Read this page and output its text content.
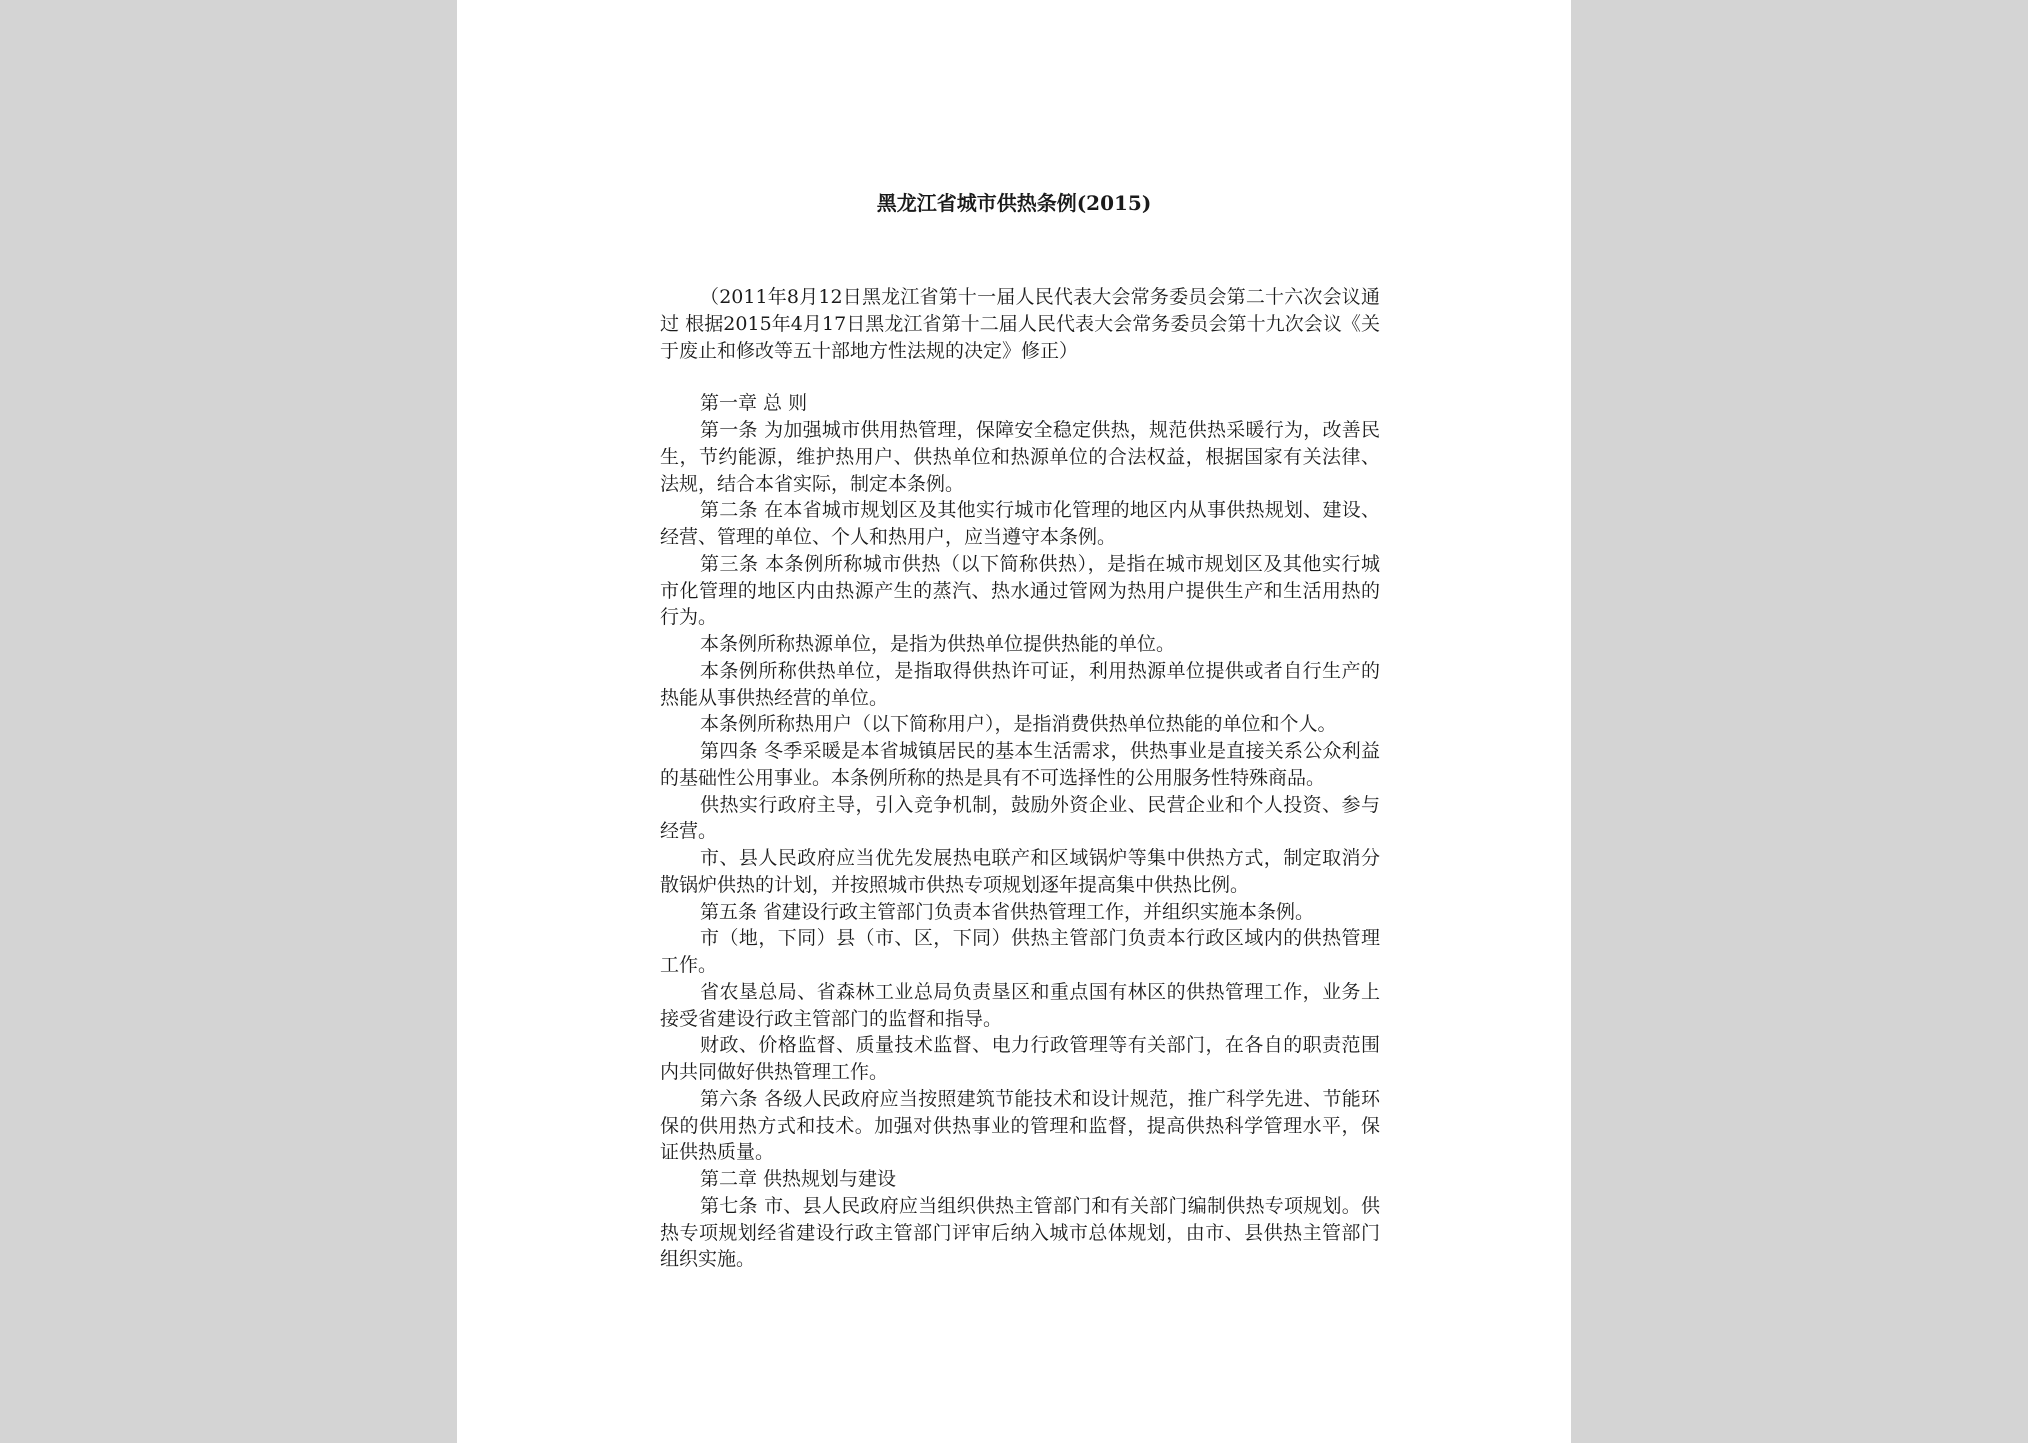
黑龙江省城市供热条例(2015)

（2011年8月12日黑龙江省第十一届人民代表大会常务委员会第二十六次会议通过 根据2015年4月17日黑龙江省第十二届人民代表大会常务委员会第十九次会议《关于废止和修改等五十部地方性法规的决定》修正）

第一章 总 则

第一条 为加强城市供用热管理，保障安全稳定供热，规范供热采暖行为，改善民生，节约能源，维护热用户、供热单位和热源单位的合法权益，根据国家有关法律、法规，结合本省实际，制定本条例。

第二条 在本省城市规划区及其他实行城市化管理的地区内从事供热规划、建设、经营、管理的单位、个人和热用户，应当遵守本条例。

第三条 本条例所称城市供热（以下简称供热），是指在城市规划区及其他实行城市化管理的地区内由热源产生的蒸汽、热水通过管网为热用户提供生产和生活用热的行为。

本条例所称热源单位，是指为供热单位提供热能的单位。

本条例所称供热单位，是指取得供热许可证，利用热源单位提供或者自行生产的热能从事供热经营的单位。

本条例所称热用户（以下简称用户），是指消费供热单位热能的单位和个人。

第四条 冬季采暖是本省城镇居民的基本生活需求，供热事业是直接关系公众利益的基础性公用事业。本条例所称的热是具有不可选择性的公用服务性特殊商品。

供热实行政府主导，引入竞争机制，鼓励外资企业、民营企业和个人投资、参与经营。

市、县人民政府应当优先发展热电联产和区域锅炉等集中供热方式，制定取消分散锅炉供热的计划，并按照城市供热专项规划逐年提高集中供热比例。

第五条 省建设行政主管部门负责本省供热管理工作，并组织实施本条例。

市（地，下同）县（市、区，下同）供热主管部门负责本行政区域内的供热管理工作。

省农垦总局、省森林工业总局负责垦区和重点国有林区的供热管理工作，业务上接受省建设行政主管部门的监督和指导。

财政、价格监督、质量技术监督、电力行政管理等有关部门，在各自的职责范围内共同做好供热管理工作。

第六条 各级人民政府应当按照建筑节能技术和设计规范，推广科学先进、节能环保的供用热方式和技术。加强对供热事业的管理和监督，提高供热科学管理水平，保证供热质量。

第二章 供热规划与建设

第七条 市、县人民政府应当组织供热主管部门和有关部门编制供热专项规划。供热专项规划经省建设行政主管部门评审后纳入城市总体规划，由市、县供热主管部门组织实施。
